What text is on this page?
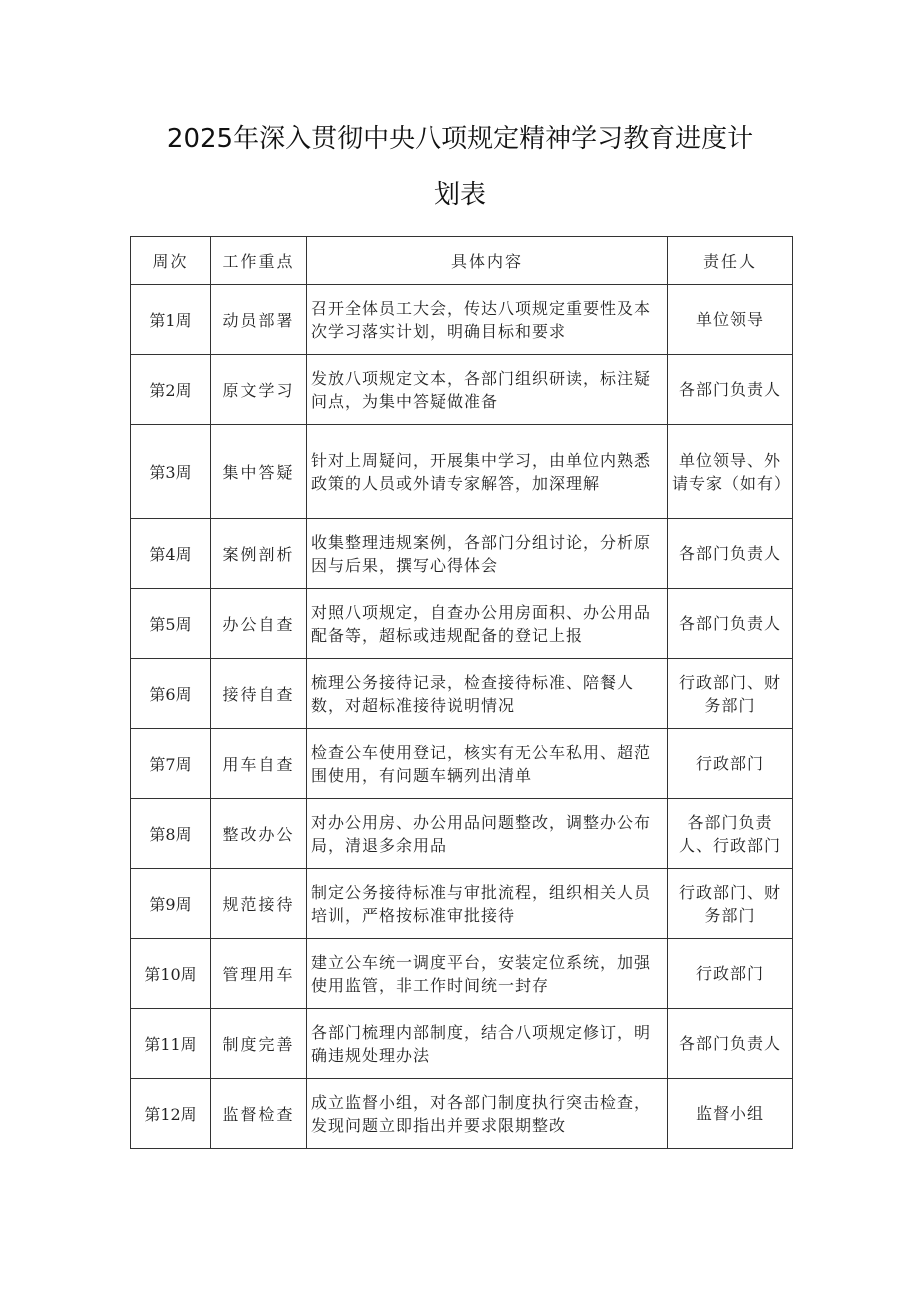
2025年深入贯彻中央八项规定精神学习教育进度计
划表
周次	工作重点	具体内容	责任人
第1周	动员部署	召开全体员工大会，传达八项规定重要性及本次学习落实计划，明确目标和要求	单位领导
第2周	原文学习	发放八项规定文本，各部门组织研读，标注疑问点，为集中答疑做准备	各部门负责人
第3周	集中答疑	针对上周疑问，开展集中学习，由单位内熟悉政策的人员或外请专家解答，加深理解	单位领导、外请专家（如有）
第4周	案例剖析	收集整理违规案例，各部门分组讨论，分析原因与后果，撰写心得体会	各部门负责人
第5周	办公自查	对照八项规定，自查办公用房面积、办公用品配备等，超标或违规配备的登记上报	各部门负责人
第6周	接待自查	梳理公务接待记录，检查接待标准、陪餐人数，对超标准接待说明情况	行政部门、财务部门
第7周	用车自查	检查公车使用登记，核实有无公车私用、超范围使用，有问题车辆列出清单	行政部门
第8周	整改办公	对办公用房、办公用品问题整改，调整办公布局，清退多余用品	各部门负责人、行政部门
第9周	规范接待	制定公务接待标准与审批流程，组织相关人员培训，严格按标准审批接待	行政部门、财务部门
第10周	管理用车	建立公车统一调度平台，安装定位系统，加强使用监管，非工作时间统一封存	行政部门
第11周	制度完善	各部门梳理内部制度，结合八项规定修订，明确违规处理办法	各部门负责人
第12周	监督检查	成立监督小组，对各部门制度执行突击检查，发现问题立即指出并要求限期整改	监督小组
